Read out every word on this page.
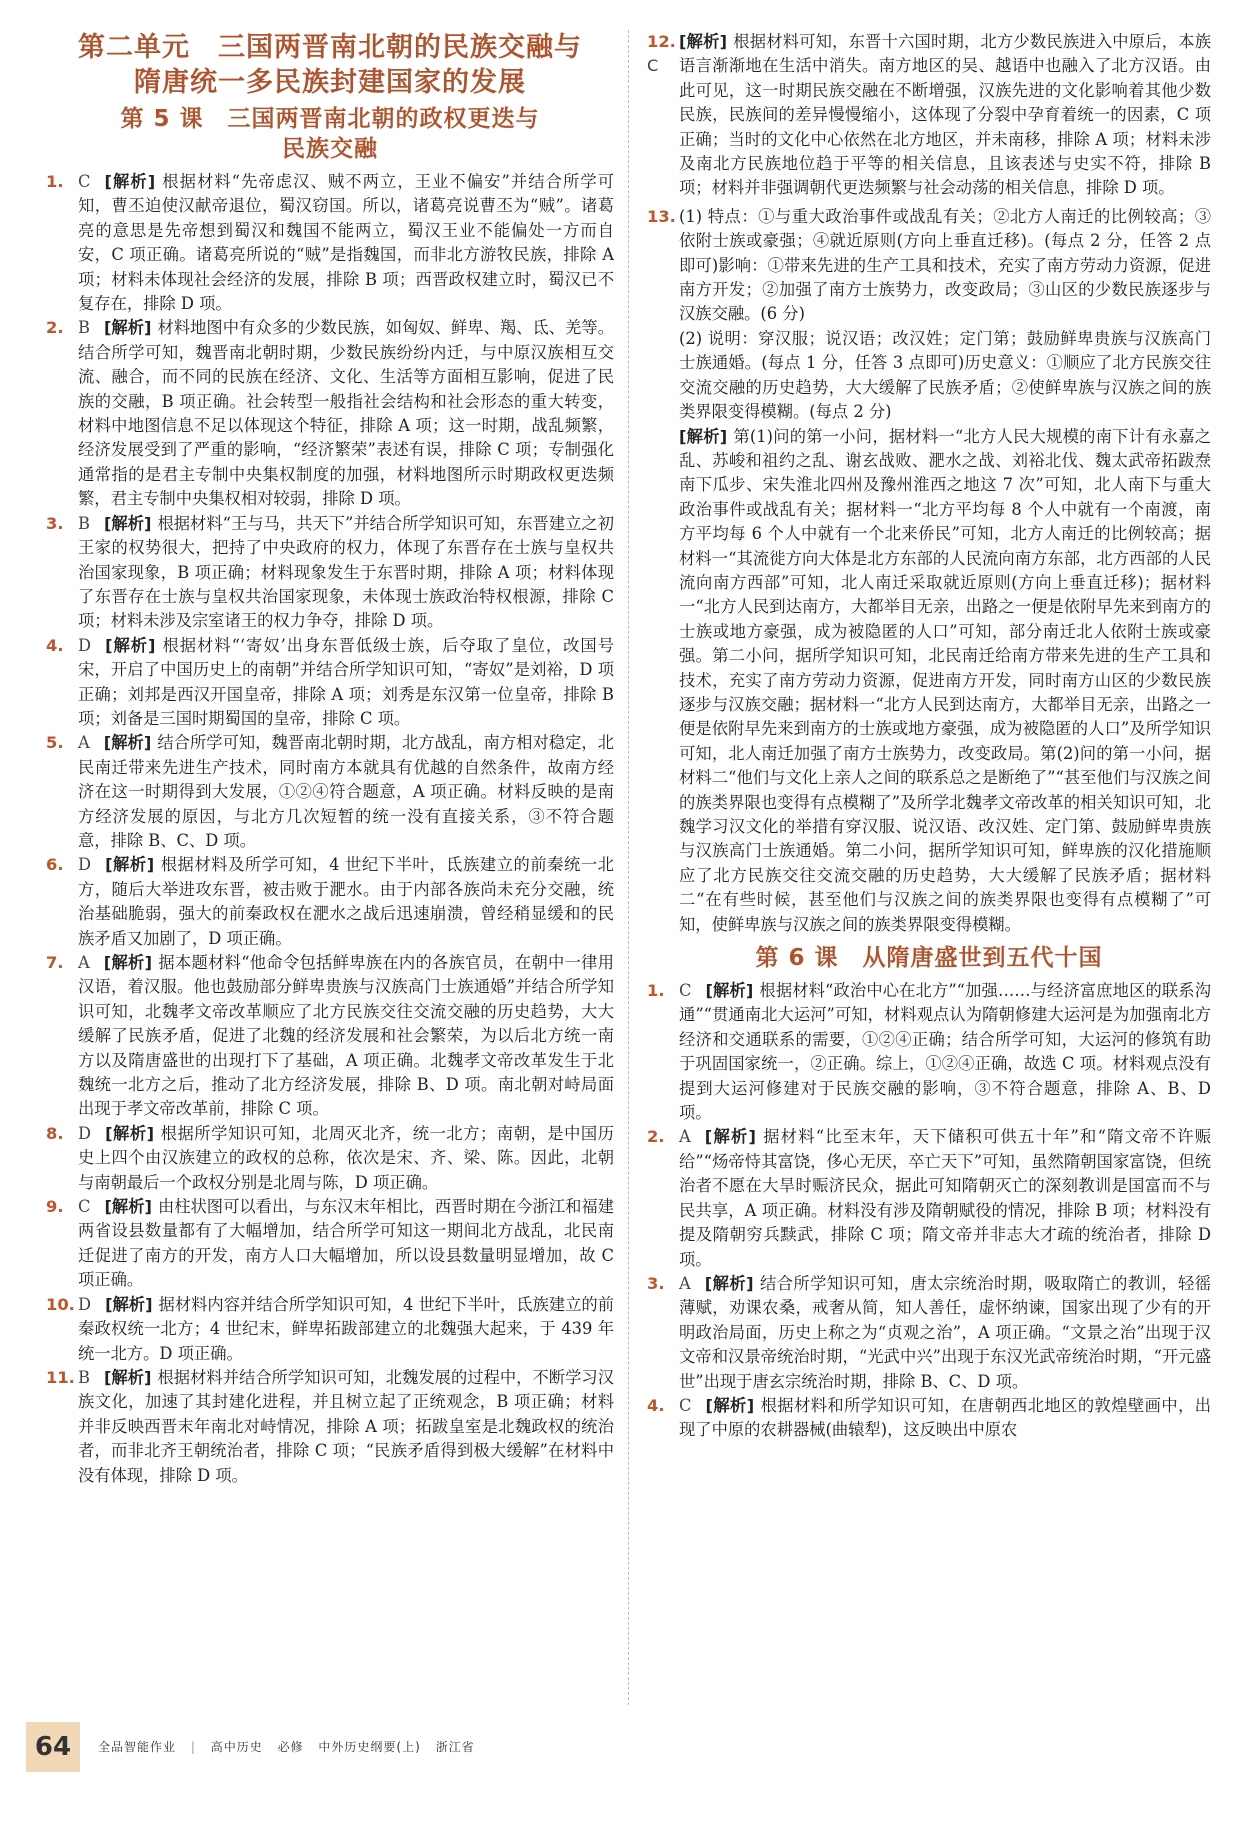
第二单元　三国两晋南北朝的民族交融与
隋唐统一多民族封建国家的发展
第 5 课　三国两晋南北朝的政权更迭与
民族交融
1. C [解析] 根据材料“先帝虑汉、贼不两立，王业不偏安”并结合所学可知，曹丕迫使汉献帝退位，蜀汉窃国。所以，诸葛亮说曹丕为“贼”。诸葛亮的意思是先帝想到蜀汉和魏国不能两立，蜀汉王业不能偏处一方而自安，C 项正确。诸葛亮所说的“贼”是指魏国，而非北方游牧民族，排除 A 项；材料未体现社会经济的发展，排除 B 项；西晋政权建立时，蜀汉已不复存在，排除 D 项。
2. B [解析] 材料地图中有众多的少数民族，如匈奴、鲜卑、羯、氐、羌等。结合所学可知，魏晋南北朝时期，少数民族纷纷内迁，与中原汉族相互交流、融合，而不同的民族在经济、文化、生活等方面相互影响，促进了民族的交融，B 项正确。社会转型一般指社会结构和社会形态的重大转变，材料中地图信息不足以体现这个特征，排除 A 项；这一时期，战乱频繁，经济发展受到了严重的影响，“经济繁荣”表述有误，排除 C 项；专制强化通常指的是君主专制中央集权制度的加强，材料地图所示时期政权更迭频繁，君主专制中央集权相对较弱，排除 D 项。
3. B [解析] 根据材料“王与马，共天下”并结合所学知识可知，东晋建立之初王家的权势很大，把持了中央政府的权力，体现了东晋存在士族与皇权共治国家现象，B 项正确；材料现象发生于东晋时期，排除 A 项；材料体现了东晋存在士族与皇权共治国家现象，未体现士族政治特权根源，排除 C 项；材料未涉及宗室诸王的权力争夺，排除 D 项。
4. D [解析] 根据材料“‘寄奴’出身东晋低级士族，后夺取了皇位，改国号宋，开启了中国历史上的南朝”并结合所学知识可知，“寄奴”是刘裕，D 项正确；刘邦是西汉开国皇帝，排除 A 项；刘秀是东汉第一位皇帝，排除 B 项；刘备是三国时期蜀国的皇帝，排除 C 项。
5. A [解析] 结合所学可知，魏晋南北朝时期，北方战乱，南方相对稳定，北民南迁带来先进生产技术，同时南方本就具有优越的自然条件，故南方经济在这一时期得到大发展，①②④符合题意，A 项正确。材料反映的是南方经济发展的原因，与北方几次短暂的统一没有直接关系，③不符合题意，排除 B、C、D 项。
6. D [解析] 根据材料及所学可知，4 世纪下半叶，氐族建立的前秦统一北方，随后大举进攻东晋，被击败于淝水。由于内部各族尚未充分交融，统治基础脆弱，强大的前秦政权在淝水之战后迅速崩溃，曾经稍显缓和的民族矛盾又加剧了，D 项正确。
7. A [解析] 据本题材料“他命令包括鲜卑族在内的各族官员，在朝中一律用汉语，着汉服。他也鼓励部分鲜卑贵族与汉族高门士族通婚”并结合所学知识可知，北魏孝文帝改革顺应了北方民族交往交流交融的历史趋势，大大缓解了民族矛盾，促进了北魏的经济发展和社会繁荣，为以后北方统一南方以及隋唐盛世的出现打下了基础，A 项正确。北魏孝文帝改革发生于北魏统一北方之后，推动了北方经济发展，排除 B、D 项。南北朝对峙局面出现于孝文帝改革前，排除 C 项。
8. D [解析] 根据所学知识可知，北周灭北齐，统一北方；南朝，是中国历史上四个由汉族建立的政权的总称，依次是宋、齐、梁、陈。因此，北朝与南朝最后一个政权分别是北周与陈，D 项正确。
9. C [解析] 由柱状图可以看出，与东汉末年相比，西晋时期在今浙江和福建两省设县数量都有了大幅增加，结合所学可知这一期间北方战乱，北民南迁促进了南方的开发，南方人口大幅增加，所以设县数量明显增加，故 C 项正确。
10. D [解析] 据材料内容并结合所学知识可知，4 世纪下半叶，氐族建立的前秦政权统一北方；4 世纪末，鲜卑拓跋部建立的北魏强大起来，于 439 年统一北方。D 项正确。
11. B [解析] 根据材料并结合所学知识可知，北魏发展的过程中，不断学习汉族文化，加速了其封建化进程，并且树立起了正统观念，B 项正确；材料并非反映西晋末年南北对峙情况，排除 A 项；拓跋皇室是北魏政权的统治者，而非北齐王朝统治者，排除 C 项；“民族矛盾得到极大缓解”在材料中没有体现，排除 D 项。
12. C
[解析] 根据材料可知，东晋十六国时期，北方少数民族进入中原后，本族语言渐渐地在生活中消失。南方地区的吴、越语中也融入了北方汉语。由此可见，这一时期民族交融在不断增强，汉族先进的文化影响着其他少数民族，民族间的差异慢慢缩小，这体现了分裂中孕育着统一的因素，C 项正确；当时的文化中心依然在北方地区，并未南移，排除 A 项；材料未涉及南北方民族地位趋于平等的相关信息，且该表述与史实不符，排除 B 项；材料并非强调朝代更迭频繁与社会动荡的相关信息，排除 D 项。
13. (1) 特点：①与重大政治事件或战乱有关；②北方人南迁的比例较高；③依附士族或豪强；④就近原则(方向上垂直迁移)。(每点 2 分，任答 2 点即可)影响：①带来先进的生产工具和技术，充实了南方劳动力资源，促进南方开发；②加强了南方士族势力，改变政局；③山区的少数民族逐步与汉族交融。(6 分)

(2) 说明：穿汉服；说汉语；改汉姓；定门第；鼓励鲜卑贵族与汉族高门士族通婚。(每点 1 分，任答 3 点即可)历史意义：①顺应了北方民族交往交流交融的历史趋势，大大缓解了民族矛盾；②使鲜卑族与汉族之间的族类界限变得模糊。(每点 2 分)

[解析] 第(1)问的第一小问，据材料一“北方人民大规模的南下计有永嘉之乱、苏峻和祖约之乱、谢玄战败、淝水之战、刘裕北伐、魏太武帝拓跋焘南下瓜步、宋失淮北四州及豫州淮西之地这 7 次”可知，北人南下与重大政治事件或战乱有关；据材料一“北方平均每 8 个人中就有一个南渡，南方平均每 6 个人中就有一个北来侨民”可知，北方人南迁的比例较高；据材料一“其流徙方向大体是北方东部的人民流向南方东部，北方西部的人民流向南方西部”可知，北人南迁采取就近原则(方向上垂直迁移)；据材料一“北方人民到达南方，大都举目无亲，出路之一便是依附早先来到南方的士族或地方豪强，成为被隐匿的人口”可知，部分南迁北人依附士族或豪强。第二小问，据所学知识可知，北民南迁给南方带来先进的生产工具和技术，充实了南方劳动力资源，促进南方开发，同时南方山区的少数民族逐步与汉族交融；据材料一“北方人民到达南方，大都举目无亲，出路之一便是依附早先来到南方的士族或地方豪强，成为被隐匿的人口”及所学知识可知，北人南迁加强了南方士族势力，改变政局。第(2)问的第一小问，据材料二“他们与文化上亲人之间的联系总之是断绝了”“甚至他们与汉族之间的族类界限也变得有点模糊了”及所学北魏孝文帝改革的相关知识可知，北魏学习汉文化的举措有穿汉服、说汉语、改汉姓、定门第、鼓励鲜卑贵族与汉族高门士族通婚。第二小问，据所学知识可知，鲜卑族的汉化措施顺应了北方民族交往交流交融的历史趋势，大大缓解了民族矛盾；据材料二“在有些时候，甚至他们与汉族之间的族类界限也变得有点模糊了”可知，使鲜卑族与汉族之间的族类界限变得模糊。

第 6 课　从隋唐盛世到五代十国
1. C [解析] 根据材料“政治中心在北方”“加强……与经济富庶地区的联系沟通”“贯通南北大运河”可知，材料观点认为隋朝修建大运河是为加强南北方经济和交通联系的需要，①②④正确；结合所学可知，大运河的修筑有助于巩固国家统一，②正确。综上，①②④正确，故选 C 项。材料观点没有提到大运河修建对于民族交融的影响，③不符合题意，排除 A、B、D 项。
2. A [解析] 据材料“比至末年，天下储积可供五十年”和“隋文帝不许赈给”“炀帝恃其富饶，侈心无厌，卒亡天下”可知，虽然隋朝国家富饶，但统治者不愿在大旱时赈济民众，据此可知隋朝灭亡的深刻教训是国富而不与民共享，A 项正确。材料没有涉及隋朝赋役的情况，排除 B 项；材料没有提及隋朝穷兵黩武，排除 C 项；隋文帝并非志大才疏的统治者，排除 D 项。
3. A [解析] 结合所学知识可知，唐太宗统治时期，吸取隋亡的教训，轻徭薄赋，劝课农桑，戒奢从简，知人善任，虚怀纳谏，国家出现了少有的开明政治局面，历史上称之为“贞观之治”，A 项正确。“文景之治”出现于汉文帝和汉景帝统治时期，“光武中兴”出现于东汉光武帝统治时期，“开元盛世”出现于唐玄宗统治时期，排除 B、C、D 项。
4. C [解析] 根据材料和所学知识可知，在唐朝西北地区的敦煌壁画中，出现了中原的农耕器械(曲辕犁)，这反映出中原农
64	全品智能作业 | 高中历史 必修 中外历史纲要(上) 浙江省
